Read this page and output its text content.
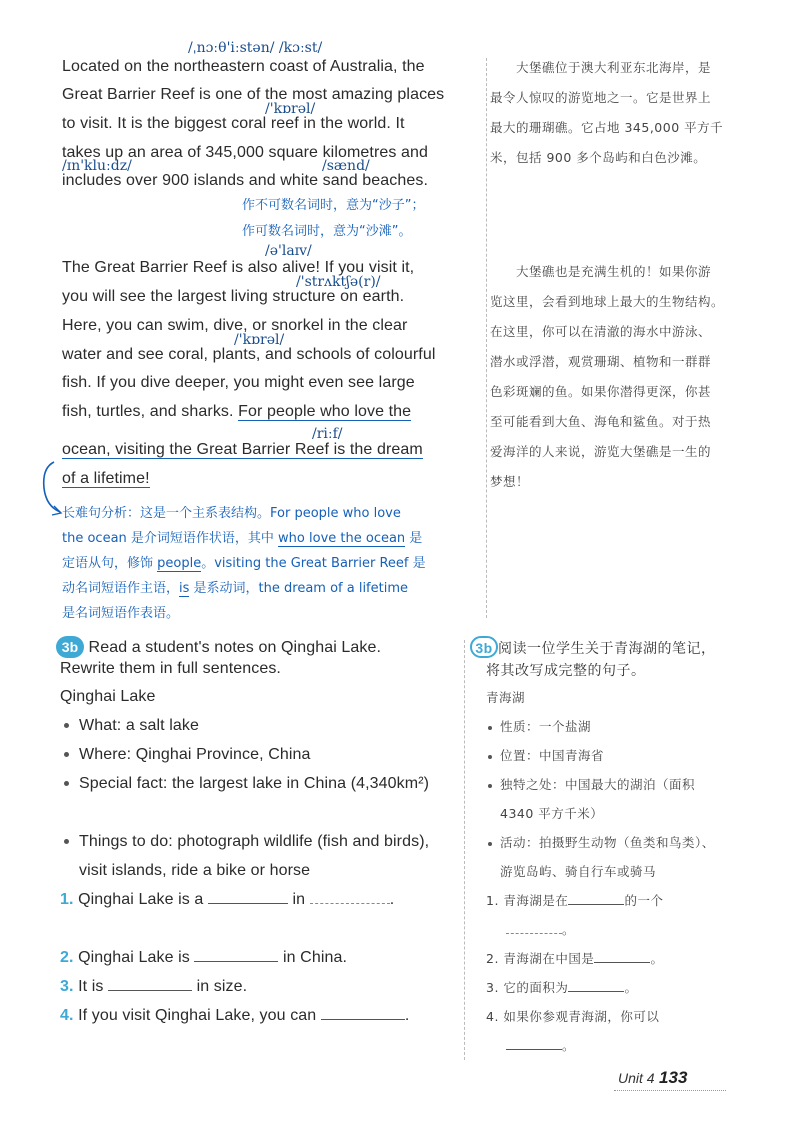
/ˌnɔːθ'iːstən/ /kɔːst/
Located on the northeastern coast of Australia, the
Great Barrier Reef is one of the most amazing places
/'kɒrəl/
to visit. It is the biggest coral reef in the world. It
takes up an area of 345,000 square kilometres and
/ɪn'kluːdz/	/sænd/
includes over 900 islands and white sand beaches.
作不可数名词时，意为“沙子”；
作可数名词时，意为“沙滩”。
/ə'laɪv/
The Great Barrier Reef is also alive! If you visit it,
/'strʌktʃə(r)/
you will see the largest living structure on earth.
Here, you can swim, dive, or snorkel in the clear
/'kɒrəl/
water and see coral, plants, and schools of colourful
fish. If you dive deeper, you might even see large
fish, turtles, and sharks. For people who love the
/riːf/
ocean, visiting the Great Barrier Reef is the dream
of a lifetime!
长难句分析：这是一个主系表结构。For people who love
the ocean 是介词短语作状语，其中 who love the ocean 是
定语从句，修饰 people。visiting the Great Barrier Reef 是
动名词短语作主语，is 是系动词，the dream of a lifetime
是名词短语作表语。
大堡礁位于澳大利亚东北海岸，是
最令人惊叹的游览地之一。它是世界上
最大的珊瑚礁。它占地 345,000 平方千
米，包括 900 多个岛屿和白色沙滩。
大堡礁也是充满生机的！如果你游
览这里，会看到地球上最大的生物结构。
在这里，你可以在清澈的海水中游泳、
潜水或浮潜，观赏珊瑚、植物和一群群
色彩斑斓的鱼。如果你潜得更深，你甚
至可能看到大鱼、海龟和鲨鱼。对于热
爱海洋的人来说，游览大堡礁是一生的
梦想！
3b Read a student's notes on Qinghai Lake.
Rewrite them in full sentences.
Qinghai Lake
What: a salt lake
Where: Qinghai Province, China
Special fact: the largest lake in China (4,340km²)
Things to do: photograph wildlife (fish and birds),
visit islands, ride a bike or horse
1. Qinghai Lake is a	in	.
2. Qinghai Lake is	in China.
3. It is	in size.
4. If you visit Qinghai Lake, you can	.
3b 阅读一位学生关于青海湖的笔记，
将其改写成完整的句子。
青海湖
性质：一个盐湖
位置：中国青海省
独特之处：中国最大的湖泊（面积
4340 平方千米）
活动：拍摄野生动物（鱼类和鸟类）、
游览岛屿、骑自行车或骑马
1. 青海湖是在	的一个
。
2. 青海湖在中国是	。
3. 它的面积为	。
4. 如果你参观青海湖，你可以
。
Unit 4 133
